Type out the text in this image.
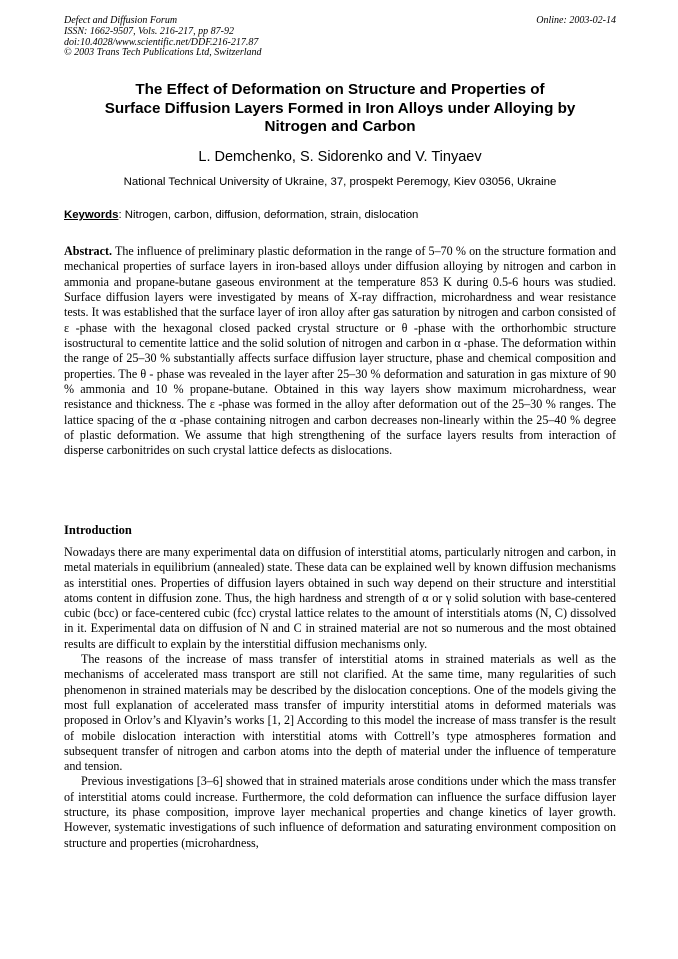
Defect and Diffusion Forum
ISSN: 1662-9507, Vols. 216-217, pp 87-92
doi:10.4028/www.scientific.net/DDF.216-217.87
© 2003 Trans Tech Publications Ltd, Switzerland
Online: 2003-02-14
The Effect of Deformation on Structure and Properties of
Surface Diffusion Layers Formed in Iron Alloys under Alloying by
Nitrogen and Carbon
L. Demchenko, S. Sidorenko and V. Tinyaev
National Technical University of Ukraine, 37, prospekt Peremogy, Kiev 03056, Ukraine
Keywords: Nitrogen, carbon, diffusion, deformation, strain, dislocation
Abstract. The influence of preliminary plastic deformation in the range of 5–70 % on the structure formation and mechanical properties of surface layers in iron-based alloys under diffusion alloying by nitrogen and carbon in ammonia and propane-butane gaseous environment at the temperature 853 K during 0.5-6 hours was studied. Surface diffusion layers were investigated by means of X-ray diffraction, microhardness and wear resistance tests. It was established that the surface layer of iron alloy after gas saturation by nitrogen and carbon consisted of ε -phase with the hexagonal closed packed crystal structure or θ -phase with the orthorhombic structure isostructural to cementite lattice and the solid solution of nitrogen and carbon in α -phase. The deformation within the range of 25–30 % substantially affects surface diffusion layer structure, phase and chemical composition and properties. The θ - phase was revealed in the layer after 25–30 % deformation and saturation in gas mixture of 90 % ammonia and 10 % propane-butane. Obtained in this way layers show maximum microhardness, wear resistance and thickness. The ε -phase was formed in the alloy after deformation out of the 25–30 % ranges. The lattice spacing of the α -phase containing nitrogen and carbon decreases non-linearly within the 25–40 % degree of plastic deformation. We assume that high strengthening of the surface layers results from interaction of disperse carbonitrides on such crystal lattice defects as dislocations.
Introduction

Nowadays there are many experimental data on diffusion of interstitial atoms, particularly nitrogen and carbon, in metal materials in equilibrium (annealed) state. These data can be explained well by known diffusion mechanisms as interstitial ones. Properties of diffusion layers obtained in such way depend on their structure and interstitial atoms content in diffusion zone. Thus, the high hardness and strength of α or γ solid solution with base-centered cubic (bcc) or face-centered cubic (fcc) crystal lattice relates to the amount of interstitials atoms (N, C) dissolved in it. Experimental data on diffusion of N and C in strained material are not so numerous and the most obtained results are difficult to explain by the interstitial diffusion mechanisms only.

The reasons of the increase of mass transfer of interstitial atoms in strained materials as well as the mechanisms of accelerated mass transport are still not clarified. At the same time, many regularities of such phenomenon in strained materials may be described by the dislocation conceptions. One of the models giving the most full explanation of accelerated mass transfer of impurity interstitial atoms in deformed materials was proposed in Orlov’s and Klyavin’s works [1, 2] According to this model the increase of mass transfer is the result of mobile dislocation interaction with interstitial atoms with Cottrell’s type atmospheres formation and subsequent transfer of nitrogen and carbon atoms into the depth of material under the influence of temperature and tension.

Previous investigations [3–6] showed that in strained materials arose conditions under which the mass transfer of interstitial atoms could increase. Furthermore, the cold deformation can influence the surface diffusion layer structure, its phase composition, improve layer mechanical properties and change kinetics of layer growth. However, systematic investigations of such influence of deformation and saturating environment composition on structure and properties (microhardness,
